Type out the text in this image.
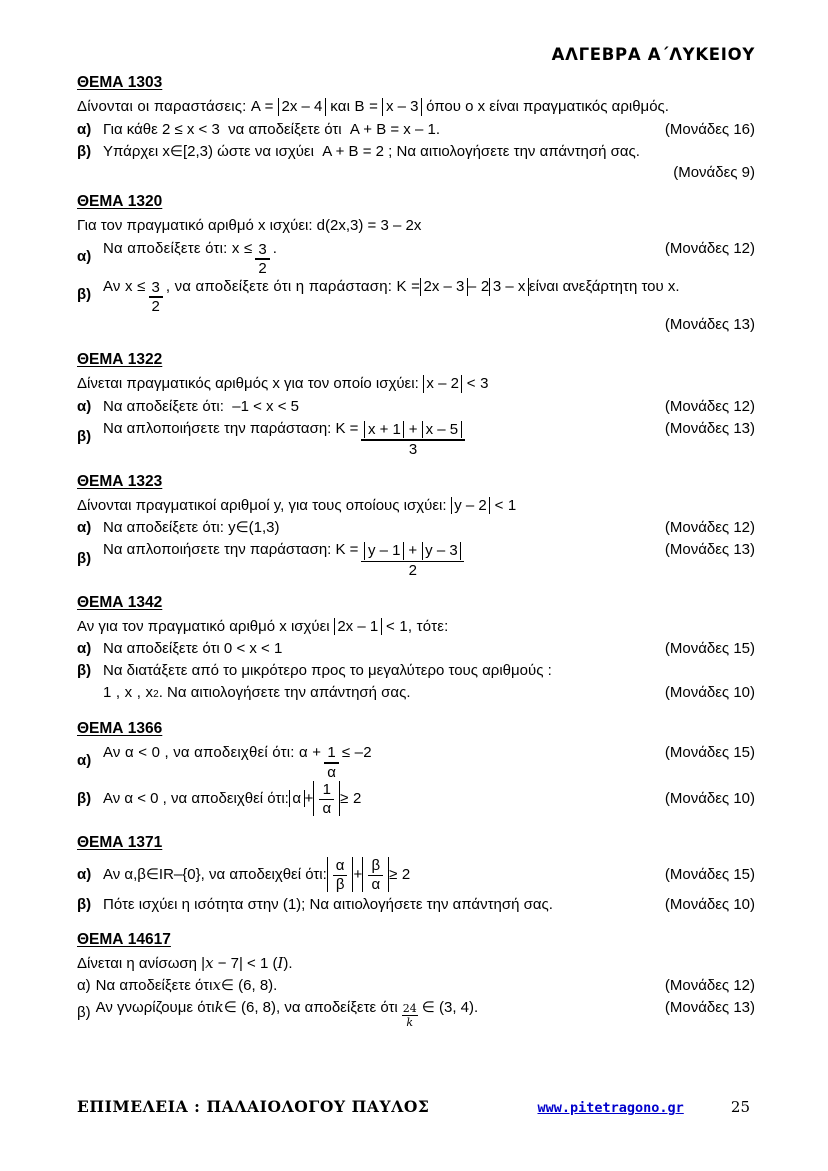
ΑΛΓΕΒΡΑ Α΄ΛΥΚΕΙΟΥ
ΘΕΜΑ 1303
Δίνονται οι παραστάσεις: A = 2x – 4 και B = x – 3 όπου ο x είναι πραγματικός αριθμός.
α) Για κάθε 2 ≤ x < 3  να αποδείξετε ότι  A + B = x – 1.	(Μονάδες 16)
β) Υπάρχει x∈[2,3) ώστε να ισχύει  A + B = 2 ; Να αιτιολογήσετε την απάντησή σας.
(Μονάδες 9)
ΘΕΜΑ 1320
Για τον πραγματικό αριθμό x ισχύει: d(2x,3) = 3 – 2x
α) Να αποδείξετε ότι: $x \le \frac{3}{2}$ .	(Μονάδες 12)
β) Αν $x \le \frac{3}{2}$ , να αποδείξετε ότι η παράσταση: K = 2x – 3 – 2 3 – x είναι ανεξάρτητη του x.
(Μονάδες 13)
ΘΕΜΑ 1322
Δίνεται πραγματικός αριθμός x για τον οποίο ισχύει: x – 2 < 3
α) Να αποδείξετε ότι:  –1 < x < 5	(Μονάδες 12)
β) Να απλοποιήσετε την παράσταση: $K = \frac{x + 1 + x - 5}{3}$	(Μονάδες 13)
ΘΕΜΑ 1323
Δίνονται πραγματικοί αριθμοί y, για τους οποίους ισχύει: y – 2 < 1
α) Να αποδείξετε ότι: y∈(1,3)	(Μονάδες 12)
β) Να απλοποιήσετε την παράσταση: $K = \frac{y - 1 + y - 3}{2}$	(Μονάδες 13)
ΘΕΜΑ 1342
Αν για τον πραγματικό αριθμό x ισχύει 2x – 1 < 1, τότε:
α) Να αποδείξετε ότι 0 < x < 1	(Μονάδες 15)
β) Να διατάξετε από το μικρότερο προς το μεγαλύτερο τους αριθμούς :
1 , x , x 2 . Να αιτιολογήσετε την απάντησή σας.	(Μονάδες 10)
ΘΕΜΑ 1366
α) Αν α < 0 , να αποδειχθεί ότι: $\alpha + \frac{1}{\alpha} \le -2$	(Μονάδες 15)
β) Αν α < 0 , να αποδειχθεί ότι: $\alpha + \frac{1}{\alpha} \ge 2$	(Μονάδες 10)
ΘΕΜΑ 1371
α) Αν α,β∈IR–{0}, να αποδειχθεί ότι: $\frac{\alpha}{\beta} + \frac{\beta}{\alpha} \ge 2$	(Μονάδες 15)
β) Πότε ισχύει η ισότητα στην (1); Να αιτιολογήσετε την απάντησή σας.	(Μονάδες 10)
ΘΕΜΑ 14617
Δίνεται η ανίσωση |x − 7| < 1 (I).
α) Να αποδείξετε ότι x ∈ (6, 8).	(Μονάδες 12)
β) Αν γνωρίζουμε ότι k ∈ (6, 8), να αποδείξετε ότι $\frac{24}{k}$ ∈ (3, 4).	(Μονάδες 13)
ΕΠΙΜΕΛΕΙΑ : ΠΑΛΑΙΟΛΟΓΟΥ ΠΑΥΛΟΣ	www.pitetragono.gr	25
